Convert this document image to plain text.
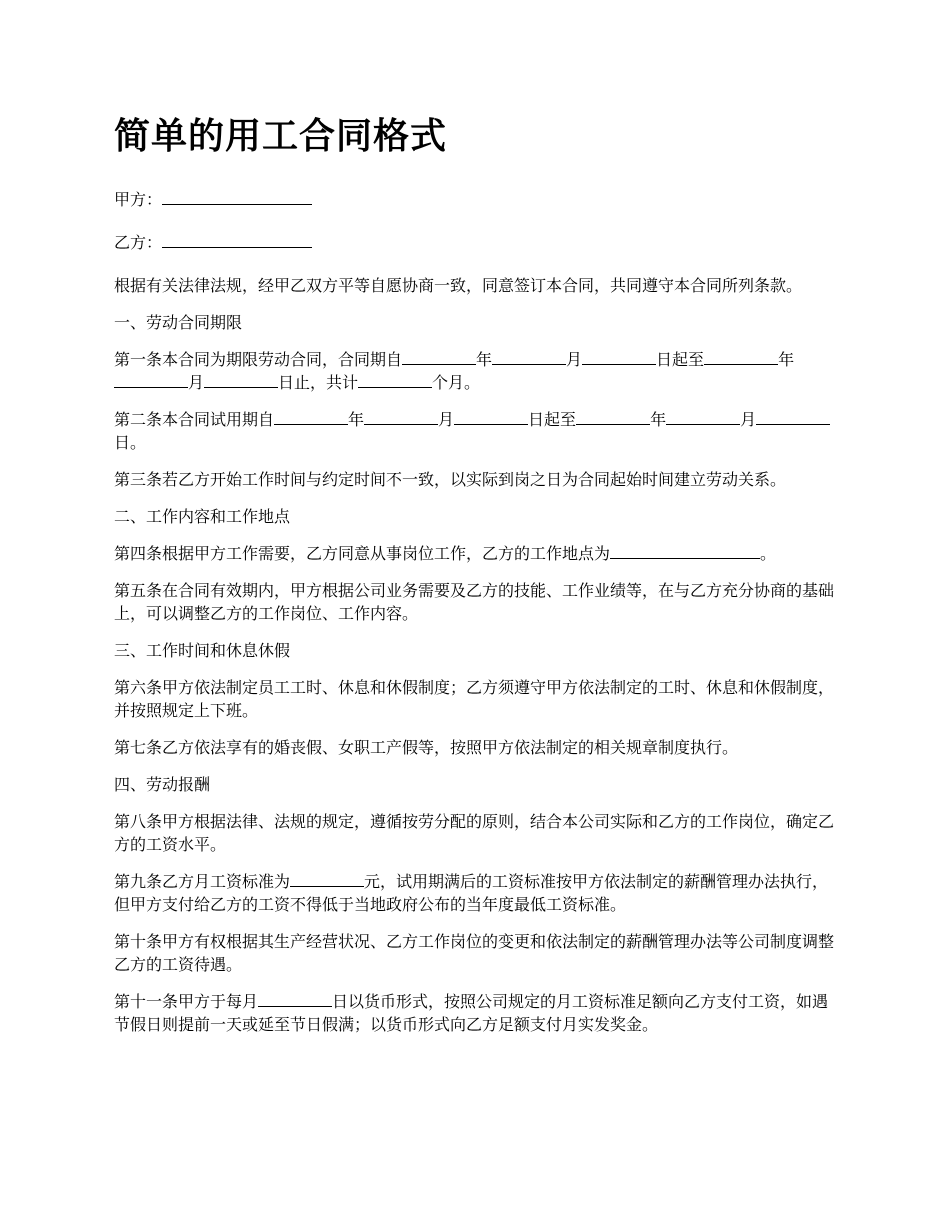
简单的用工合同格式

甲方：

乙方：

根据有关法律法规，经甲乙双方平等自愿协商一致，同意签订本合同，共同遵守本合同所列条款。

一、劳动合同期限

第一条本合同为期限劳动合同，合同期自	年	月	日起至	年月	日止，共计	个月。

第二条本合同试用期自	年	月	日起至	年	月日。

第三条若乙方开始工作时间与约定时间不一致，以实际到岗之日为合同起始时间建立劳动关系。

二、工作内容和工作地点

第四条根据甲方工作需要，乙方同意从事岗位工作，乙方的工作地点为	。

第五条在合同有效期内，甲方根据公司业务需要及乙方的技能、工作业绩等，在与乙方充分协商的基础上，可以调整乙方的工作岗位、工作内容。

三、工作时间和休息休假

第六条甲方依法制定员工工时、休息和休假制度；乙方须遵守甲方依法制定的工时、休息和休假制度，并按照规定上下班。

第七条乙方依法享有的婚丧假、女职工产假等，按照甲方依法制定的相关规章制度执行。

四、劳动报酬

第八条甲方根据法律、法规的规定，遵循按劳分配的原则，结合本公司实际和乙方的工作岗位，确定乙方的工资水平。

第九条乙方月工资标准为	元，试用期满后的工资标准按甲方依法制定的薪酬管理办法执行，但甲方支付给乙方的工资不得低于当地政府公布的当年度最低工资标准。

第十条甲方有权根据其生产经营状况、乙方工作岗位的变更和依法制定的薪酬管理办法等公司制度调整乙方的工资待遇。

第十一条甲方于每月	日以货币形式，按照公司规定的月工资标准足额向乙方支付工资，如遇节假日则提前一天或延至节日假满；以货币形式向乙方足额支付月实发奖金。
